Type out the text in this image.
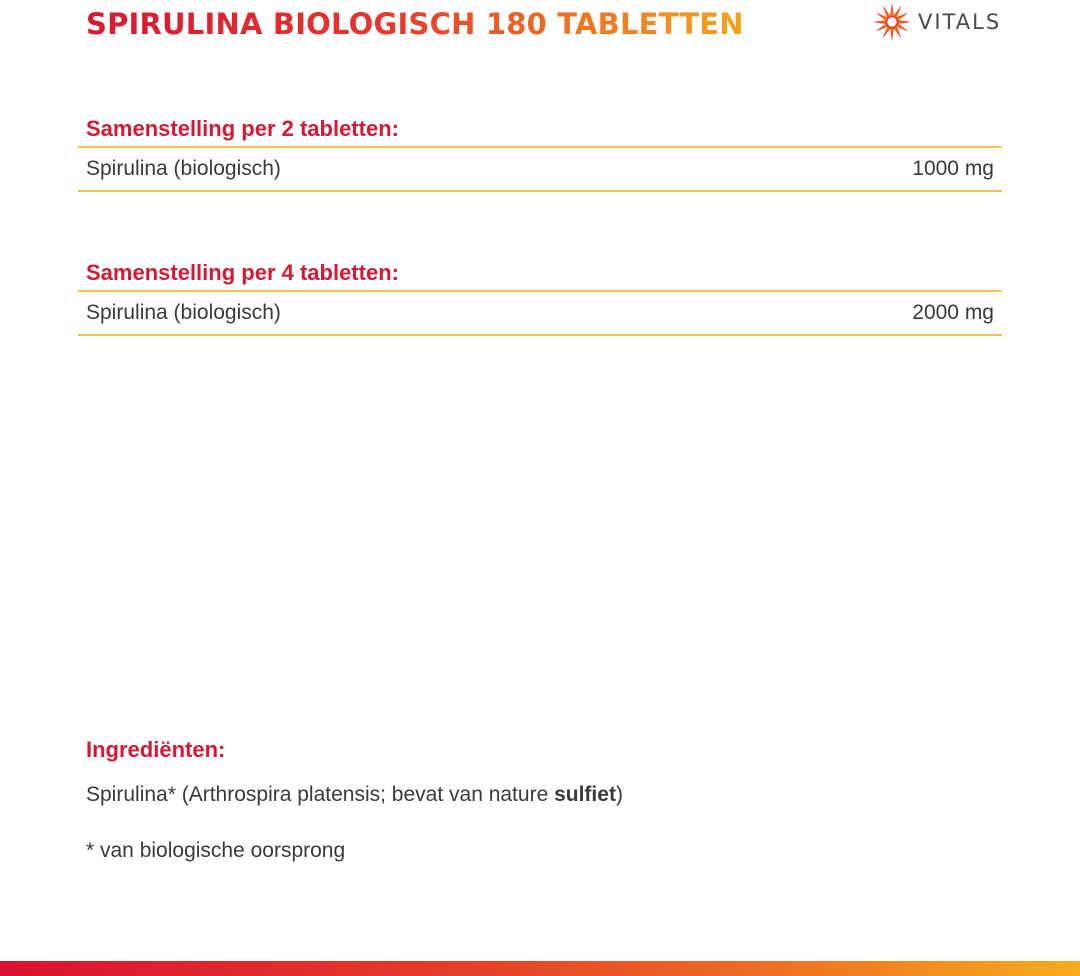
SPIRULINA BIOLOGISCH 180 TABLETTEN	VITALS
Samenstelling per 2 tabletten:
Spirulina (biologisch)	1000 mg
Samenstelling per 4 tabletten:
Spirulina (biologisch)	2000 mg
Ingrediënten:

Spirulina* (Arthrospira platensis; bevat van nature sulfiet)

* van biologische oorsprong
